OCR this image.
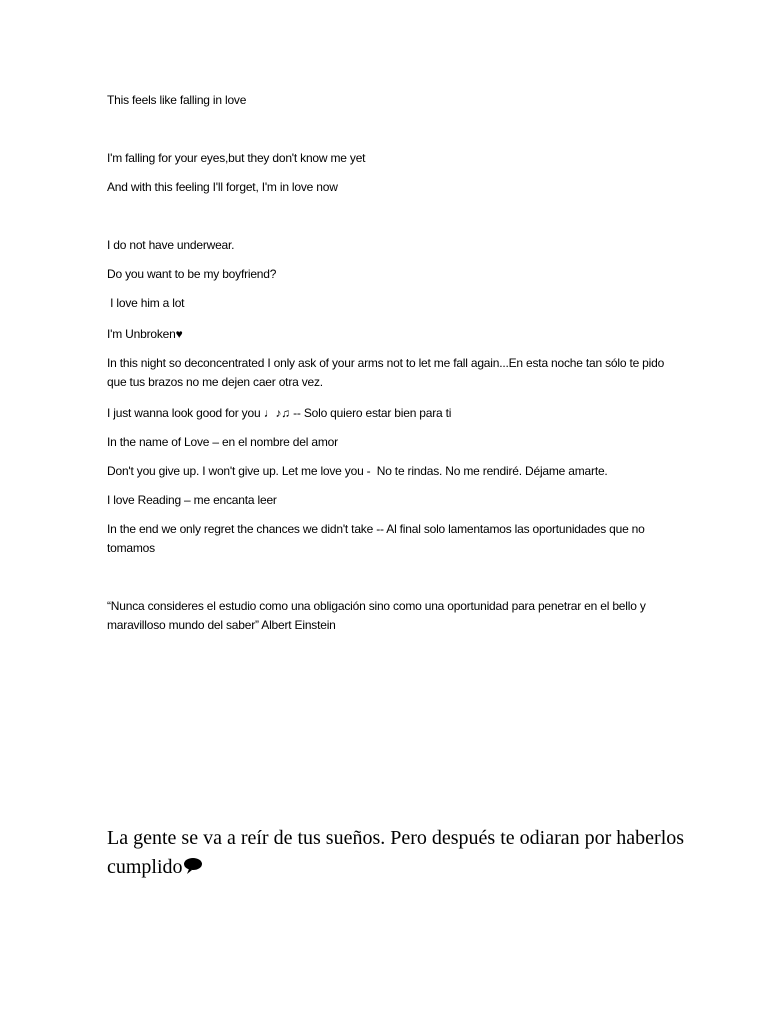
This feels like falling in love
I'm falling for your eyes,but they don't know me yet
And with this feeling I'll forget, I'm in love now
I do not have underwear.
Do you want to be my boyfriend?
I love him a lot
I'm Unbroken♥
In this night so deconcentrated I only ask of your arms not to let me fall again...En esta noche tan sólo te pido que tus brazos no me dejen caer otra vez.
I just wanna look good for you ♩♪♫ -- Solo quiero estar bien para ti
In the name of Love – en el nombre del amor
Don't you give up. I won't give up. Let me love you -  No te rindas. No me rendiré. Déjame amarte.
I love Reading – me encanta leer
In the end we only regret the chances we didn't take -- Al final solo lamentamos las oportunidades que no tomamos
“Nunca consideres el estudio como una obligación sino como una oportunidad para penetrar en el bello y maravilloso mundo del saber” Albert Einstein
La gente se va a reír de tus sueños. Pero después te odiaran por haberlos cumplido
